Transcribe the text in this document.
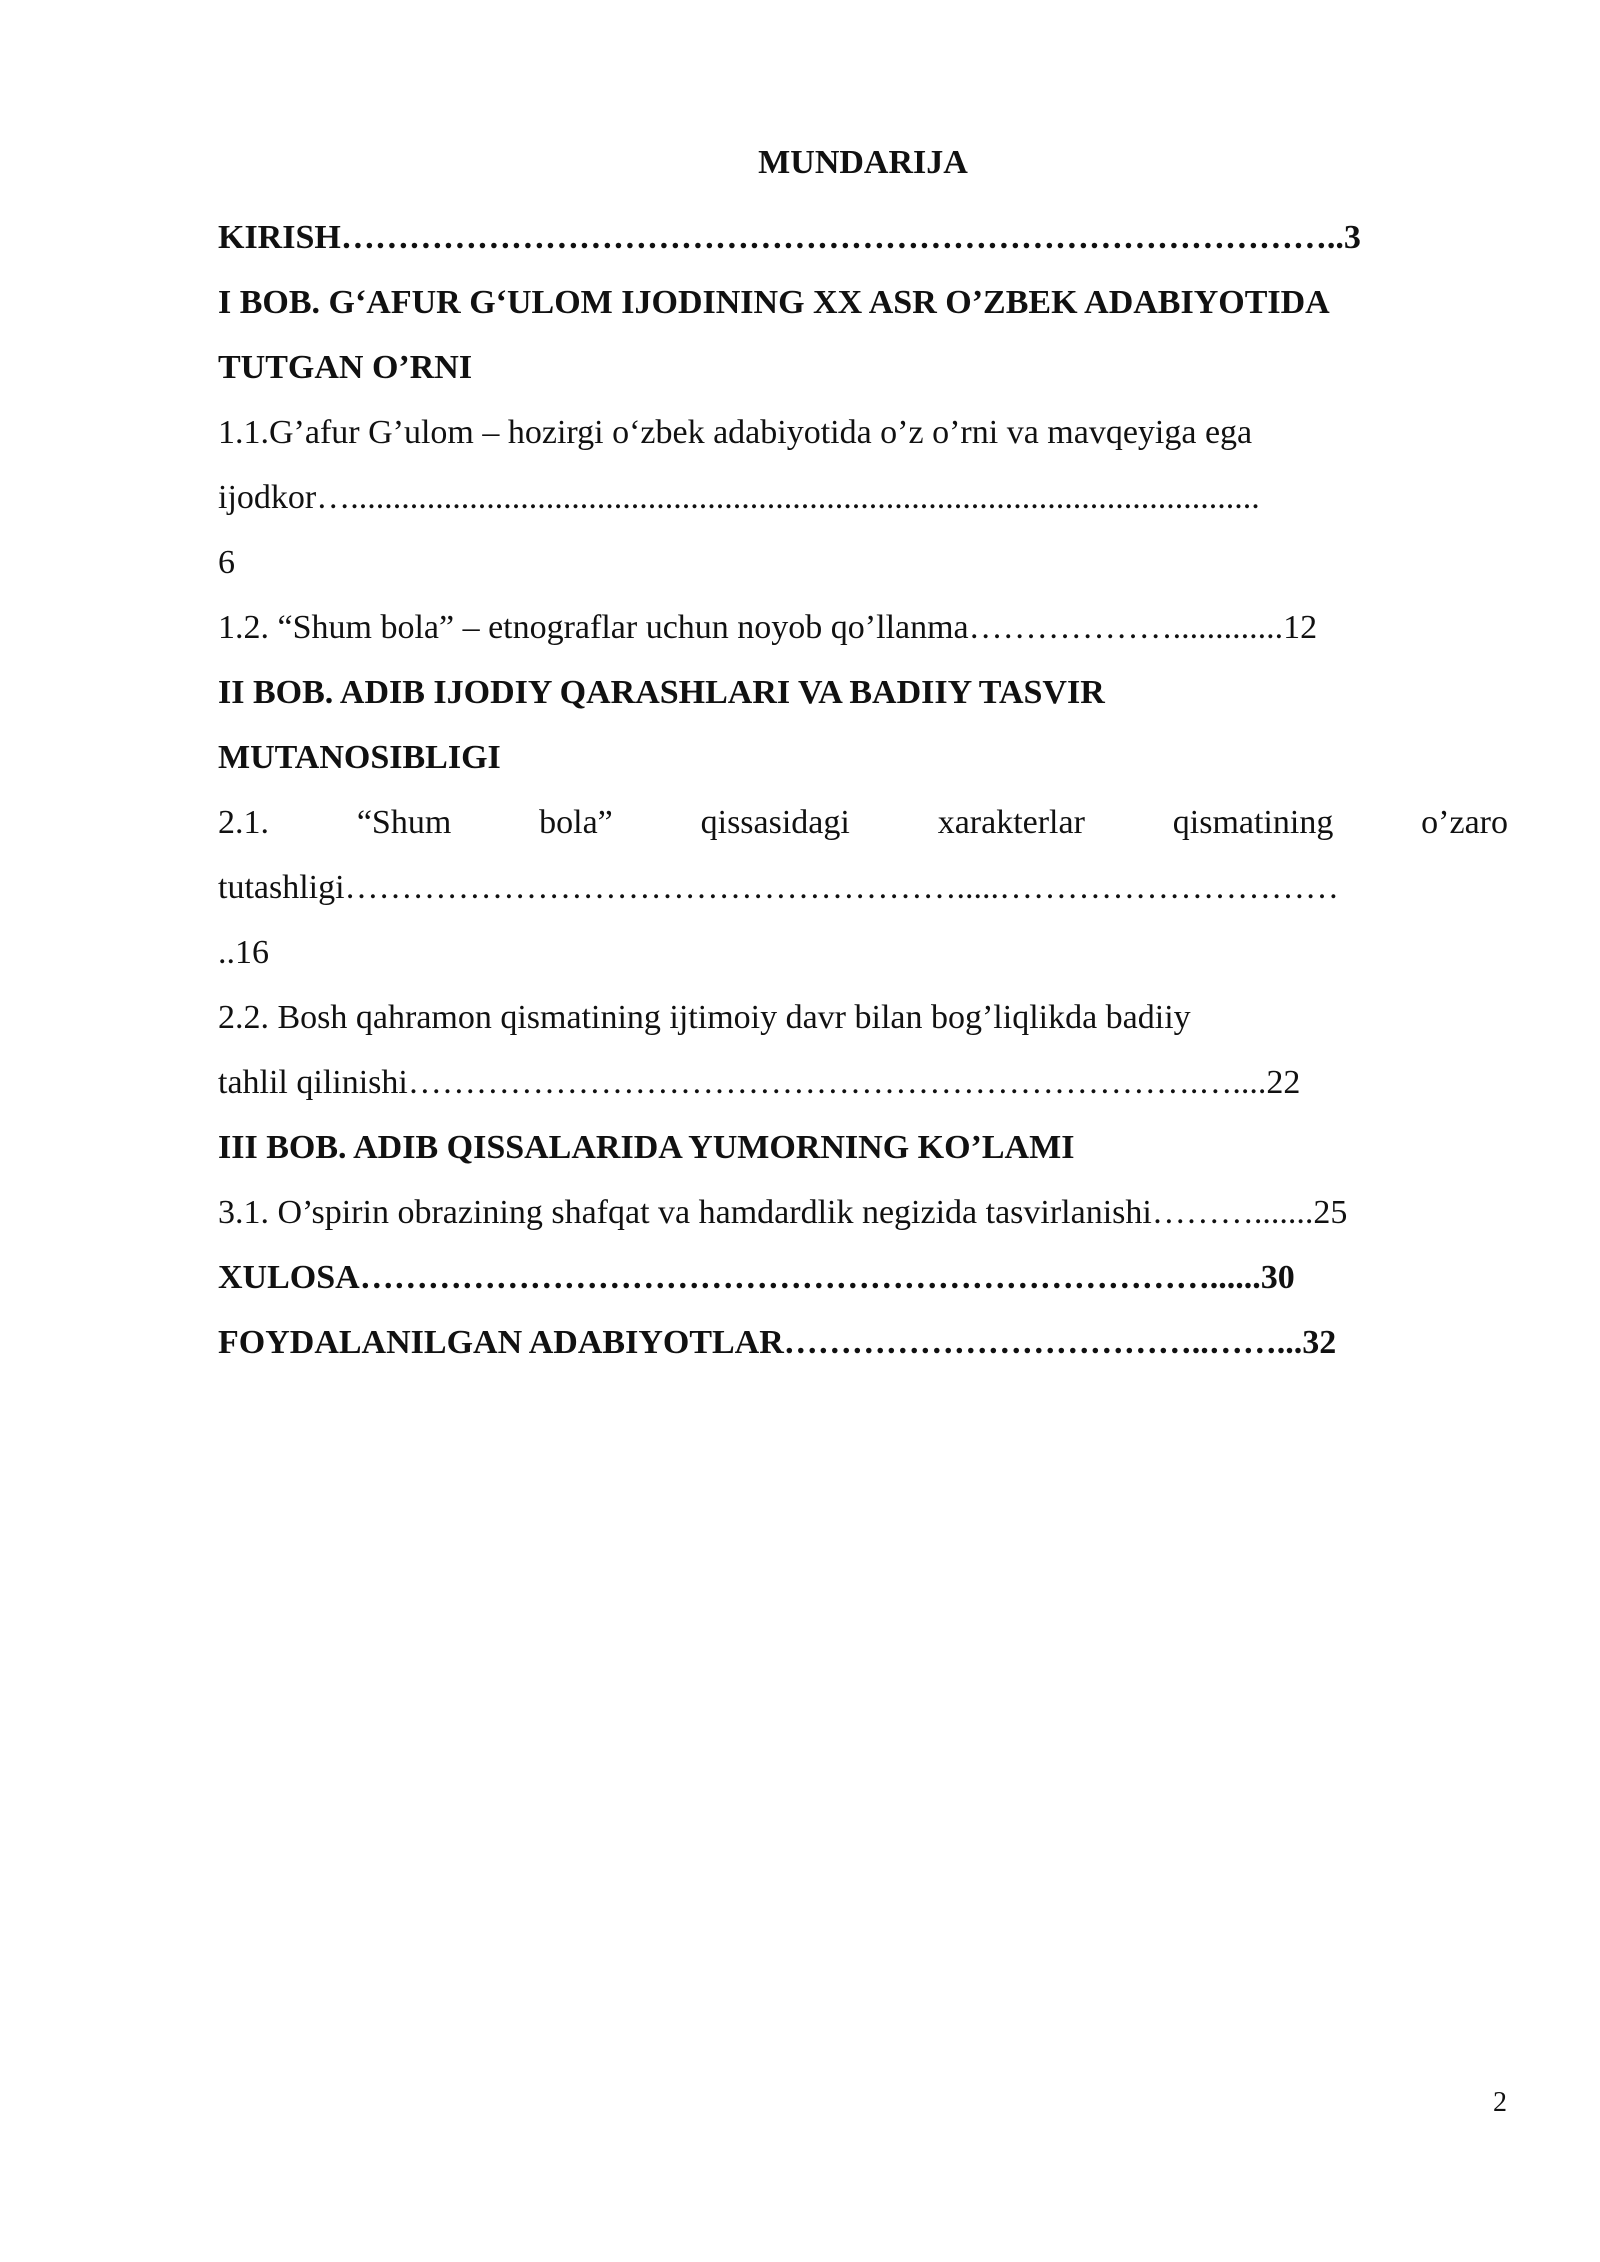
MUNDARIJA
KIRISH……………………………………………………………………………..3
I BOB. G‘AFUR G‘ULOM IJODINING XX ASR O’ZBEK ADABIYOTIDA
TUTGAN O’RNI
1.1.G’afur G’ulom – hozirgi o‘zbek adabiyotida o’z o’rni va mavqeyiga ega
ijodkor…...........................................................................................................
6
1.2. “Shum bola” – etnograflar uchun noyob qo’llanma……………….............12
II BOB. ADIB IJODIY QARASHLARI VA BADIIY TASVIR
MUTANOSIBLIGI
2.1.	“Shum	bola”	qissasidagi	xarakterlar	qismatining	o’zaro
tutashligi……………………………………………….....…………………………
..16
2.2. Bosh qahramon qismatining ijtimoiy davr bilan bog’liqlikda badiiy
tahlil qilinishi…………………………………………………………….…....22
III BOB. ADIB QISSALARIDA YUMORNING KO’LAMI
3.1. O’spirin obrazining shafqat va hamdardlik negizida tasvirlanishi……….......25
XULOSA…………………………………………………………………......30
FOYDALANILGAN ADABIYOTLAR………………………………..……...32
2
